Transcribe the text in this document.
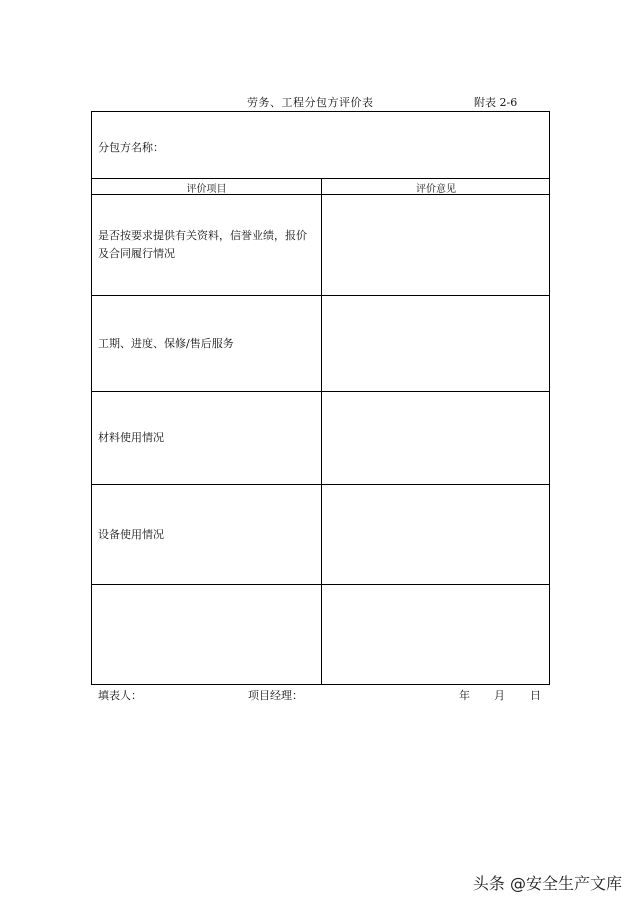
劳务、工程分包方评价表	附表 2-6
分包方名称：
评价项目	评价意见
是否按要求提供有关资料，信誉业绩，报价及合同履行情况
工期、进度、保修/售后服务
材料使用情况
设备使用情况
填表人：	项目经理：	年 月 日
头条 @安全生产文库
